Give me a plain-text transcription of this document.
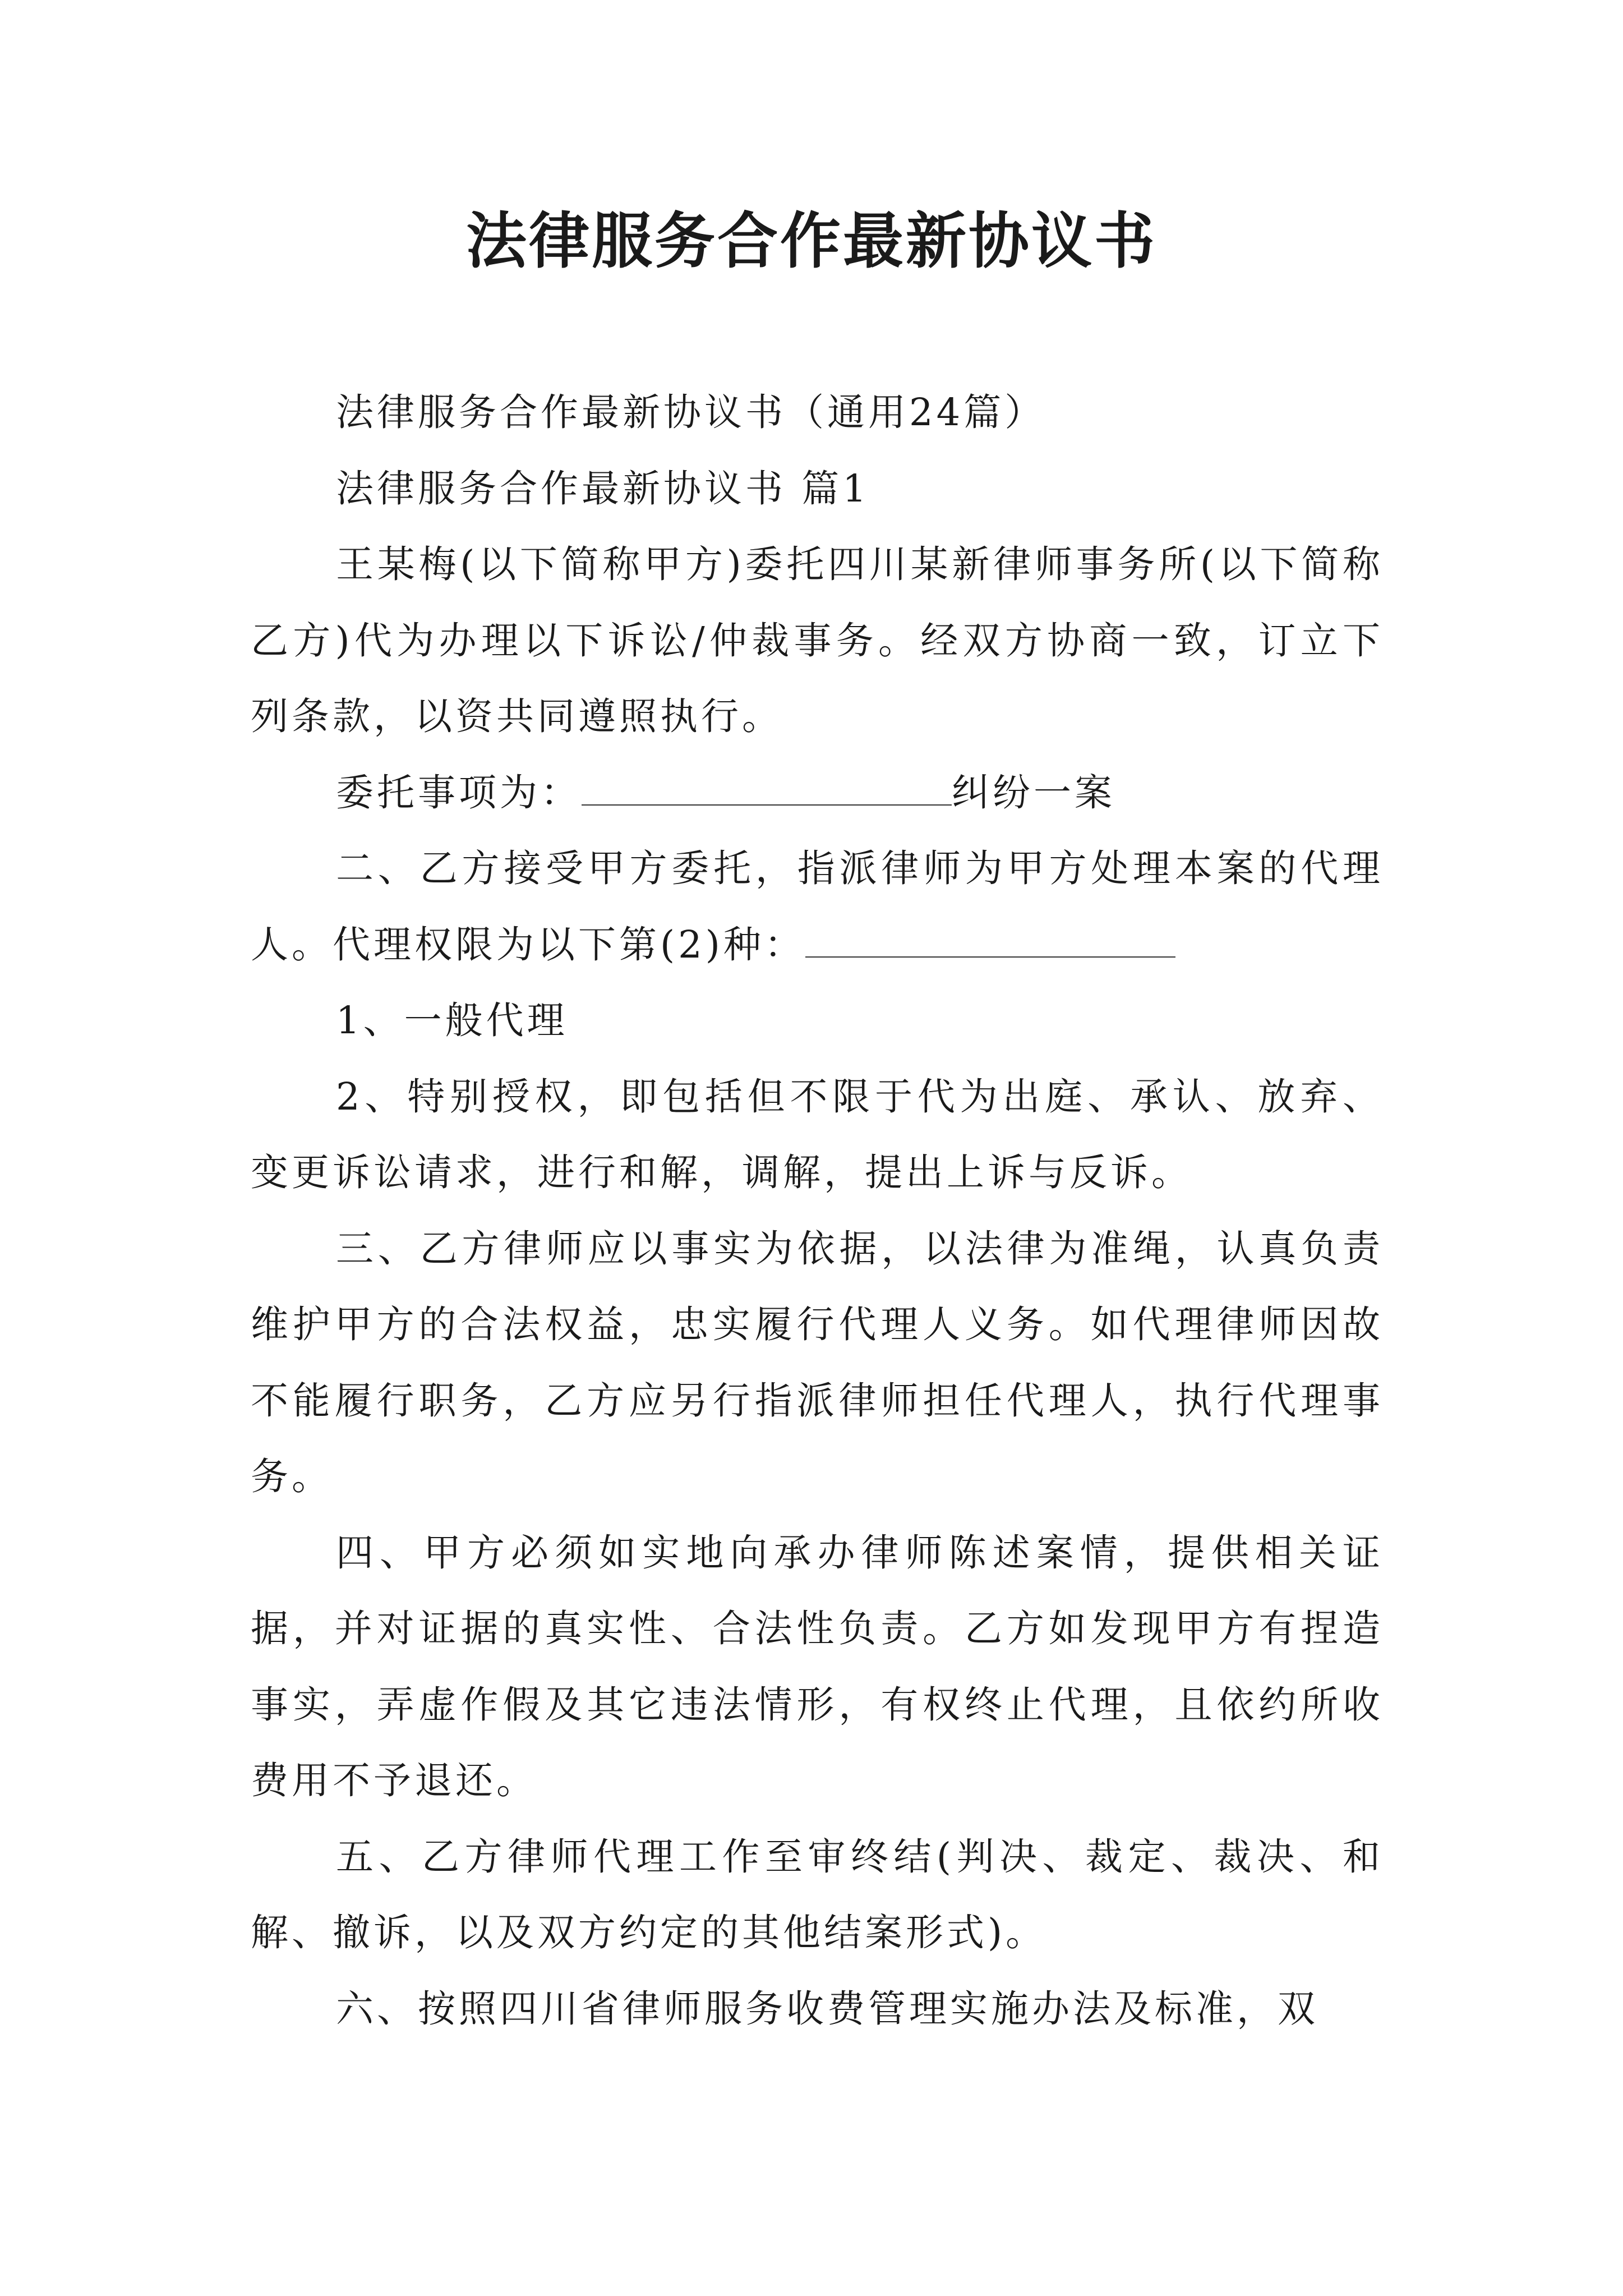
法律服务合作最新协议书

法律服务合作最新协议书（通用24篇）

法律服务合作最新协议书 篇1

王某梅(以下简称甲方)委托四川某新律师事务所(以下简称乙方)代为办理以下诉讼/仲裁事务。经双方协商一致，订立下列条款，以资共同遵照执行。

委托事项为：	纠纷一案

二、乙方接受甲方委托，指派律师为甲方处理本案的代理人。代理权限为以下第(2)种：

1、一般代理

2、特别授权，即包括但不限于代为出庭、承认、放弃、变更诉讼请求，进行和解，调解，提出上诉与反诉。

三、乙方律师应以事实为依据，以法律为准绳，认真负责维护甲方的合法权益，忠实履行代理人义务。如代理律师因故不能履行职务，乙方应另行指派律师担任代理人，执行代理事务。

四、甲方必须如实地向承办律师陈述案情，提供相关证据，并对证据的真实性、合法性负责。乙方如发现甲方有捏造事实，弄虚作假及其它违法情形，有权终止代理，且依约所收费用不予退还。

五、乙方律师代理工作至审终结(判决、裁定、裁决、和解、撤诉，以及双方约定的其他结案形式)。

六、按照四川省律师服务收费管理实施办法及标准，双
